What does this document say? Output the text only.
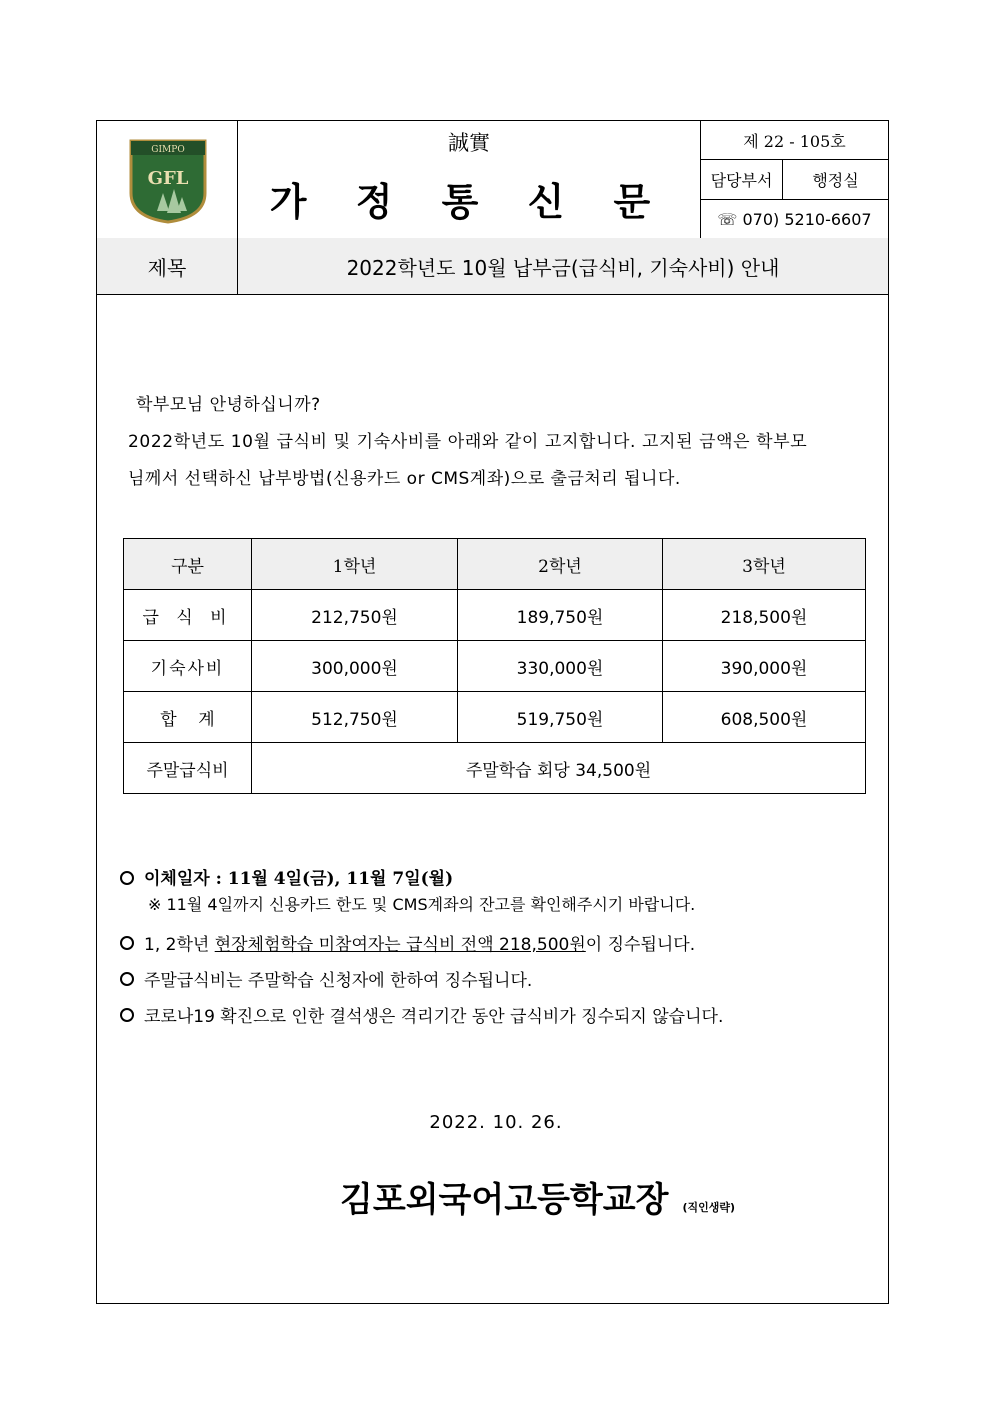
GIMPO
GFL
誠實
가 정 통 신 문
제 22 - 105호
담당부서	행정실
☏ 070) 5210-6607
제목	2022학년도 10월 납부금(급식비, 기숙사비) 안내
학부모님 안녕하십니까?
2022학년도 10월 급식비 및 기숙사비를 아래와 같이 고지합니다. 고지된 금액은 학부모
님께서 선택하신 납부방법(신용카드 or CMS계좌)으로 출금처리 됩니다.
구분	1학년	2학년	3학년
급 식 비	212,750원	189,750원	218,500원
기숙사비	300,000원	330,000원	390,000원
합    계	512,750원	519,750원	608,500원
주말급식비	주말학습 회당 34,500원		
이체일자 : 11월 4일(금), 11월 7일(월)
※ 11월 4일까지 신용카드 한도 및 CMS계좌의 잔고를 확인해주시기 바랍니다.
1, 2학년 현장체험학습 미참여자는 급식비 전액 218,500원이 징수됩니다.
주말급식비는 주말학습 신청자에 한하여 징수됩니다.
코로나19 확진으로 인한 결석생은 격리기간 동안 급식비가 징수되지 않습니다.
2022. 10. 26.
김포외국어고등학교장 (직인생략)
